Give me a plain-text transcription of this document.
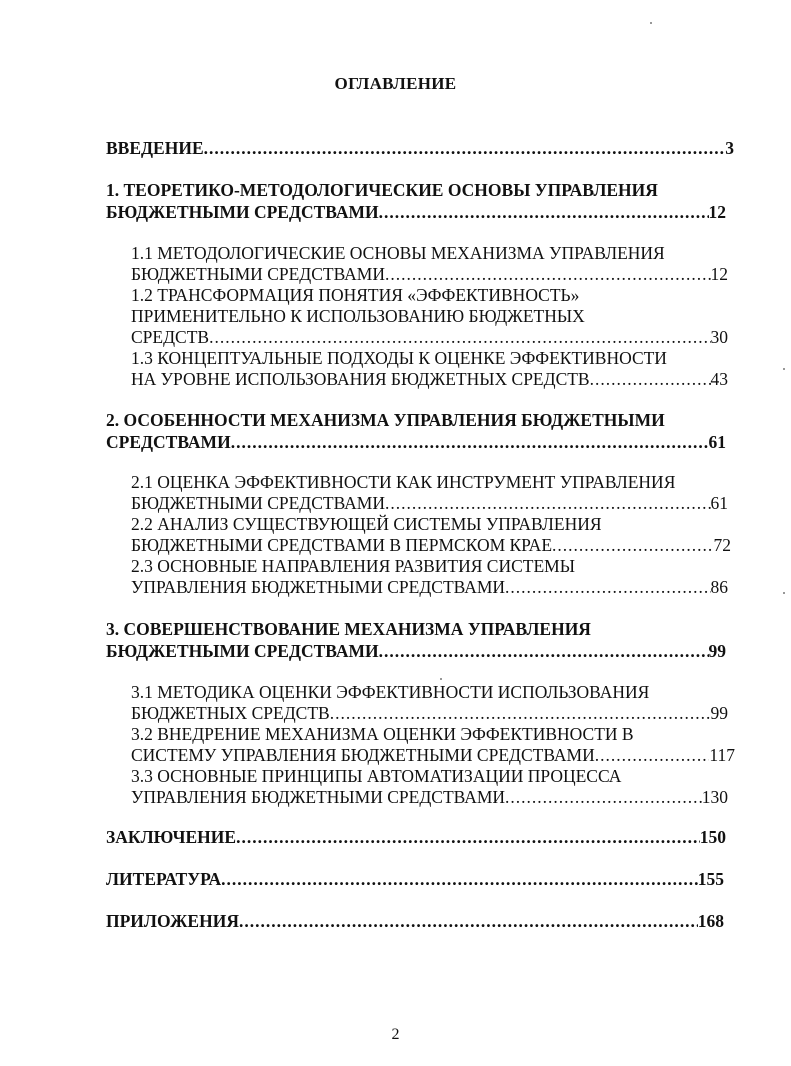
ОГЛАВЛЕНИЕ
ВВЕДЕНИЕ .....	3
1. ТЕОРЕТИКО-МЕТОДОЛОГИЧЕСКИЕ ОСНОВЫ УПРАВЛЕНИЯ
БЮДЖЕТНЫМИ СРЕДСТВАМИ .....	12
1.1 МЕТОДОЛОГИЧЕСКИЕ ОСНОВЫ МЕХАНИЗМА УПРАВЛЕНИЯ
БЮДЖЕТНЫМИ СРЕДСТВАМИ .....	12
1.2 ТРАНСФОРМАЦИЯ ПОНЯТИЯ «ЭФФЕКТИВНОСТЬ»
ПРИМЕНИТЕЛЬНО К ИСПОЛЬЗОВАНИЮ БЮДЖЕТНЫХ
СРЕДСТВ .....	30
1.3 КОНЦЕПТУАЛЬНЫЕ ПОДХОДЫ К ОЦЕНКЕ ЭФФЕКТИВНОСТИ
НА УРОВНЕ ИСПОЛЬЗОВАНИЯ БЮДЖЕТНЫХ СРЕДСТВ .....	43
2. ОСОБЕННОСТИ МЕХАНИЗМА УПРАВЛЕНИЯ БЮДЖЕТНЫМИ
СРЕДСТВАМИ .....	61
2.1 ОЦЕНКА ЭФФЕКТИВНОСТИ КАК ИНСТРУМЕНТ УПРАВЛЕНИЯ
БЮДЖЕТНЫМИ СРЕДСТВАМИ .....	61
2.2 АНАЛИЗ СУЩЕСТВУЮЩЕЙ СИСТЕМЫ УПРАВЛЕНИЯ
БЮДЖЕТНЫМИ СРЕДСТВАМИ В ПЕРМСКОМ КРАЕ .....	72
2.3 ОСНОВНЫЕ НАПРАВЛЕНИЯ РАЗВИТИЯ СИСТЕМЫ
УПРАВЛЕНИЯ БЮДЖЕТНЫМИ СРЕДСТВАМИ .....	86
3. СОВЕРШЕНСТВОВАНИЕ МЕХАНИЗМА УПРАВЛЕНИЯ
БЮДЖЕТНЫМИ СРЕДСТВАМИ .....	99
3.1 МЕТОДИКА ОЦЕНКИ ЭФФЕКТИВНОСТИ ИСПОЛЬЗОВАНИЯ
БЮДЖЕТНЫХ СРЕДСТВ .....	99
3.2 ВНЕДРЕНИЕ МЕХАНИЗМА ОЦЕНКИ ЭФФЕКТИВНОСТИ В
СИСТЕМУ УПРАВЛЕНИЯ БЮДЖЕТНЫМИ СРЕДСТВАМИ .....	117
3.3 ОСНОВНЫЕ ПРИНЦИПЫ АВТОМАТИЗАЦИИ ПРОЦЕССА
УПРАВЛЕНИЯ БЮДЖЕТНЫМИ СРЕДСТВАМИ .....	130
ЗАКЛЮЧЕНИЕ .....	150
ЛИТЕРАТУРА .....	155
ПРИЛОЖЕНИЯ .....	168
2
